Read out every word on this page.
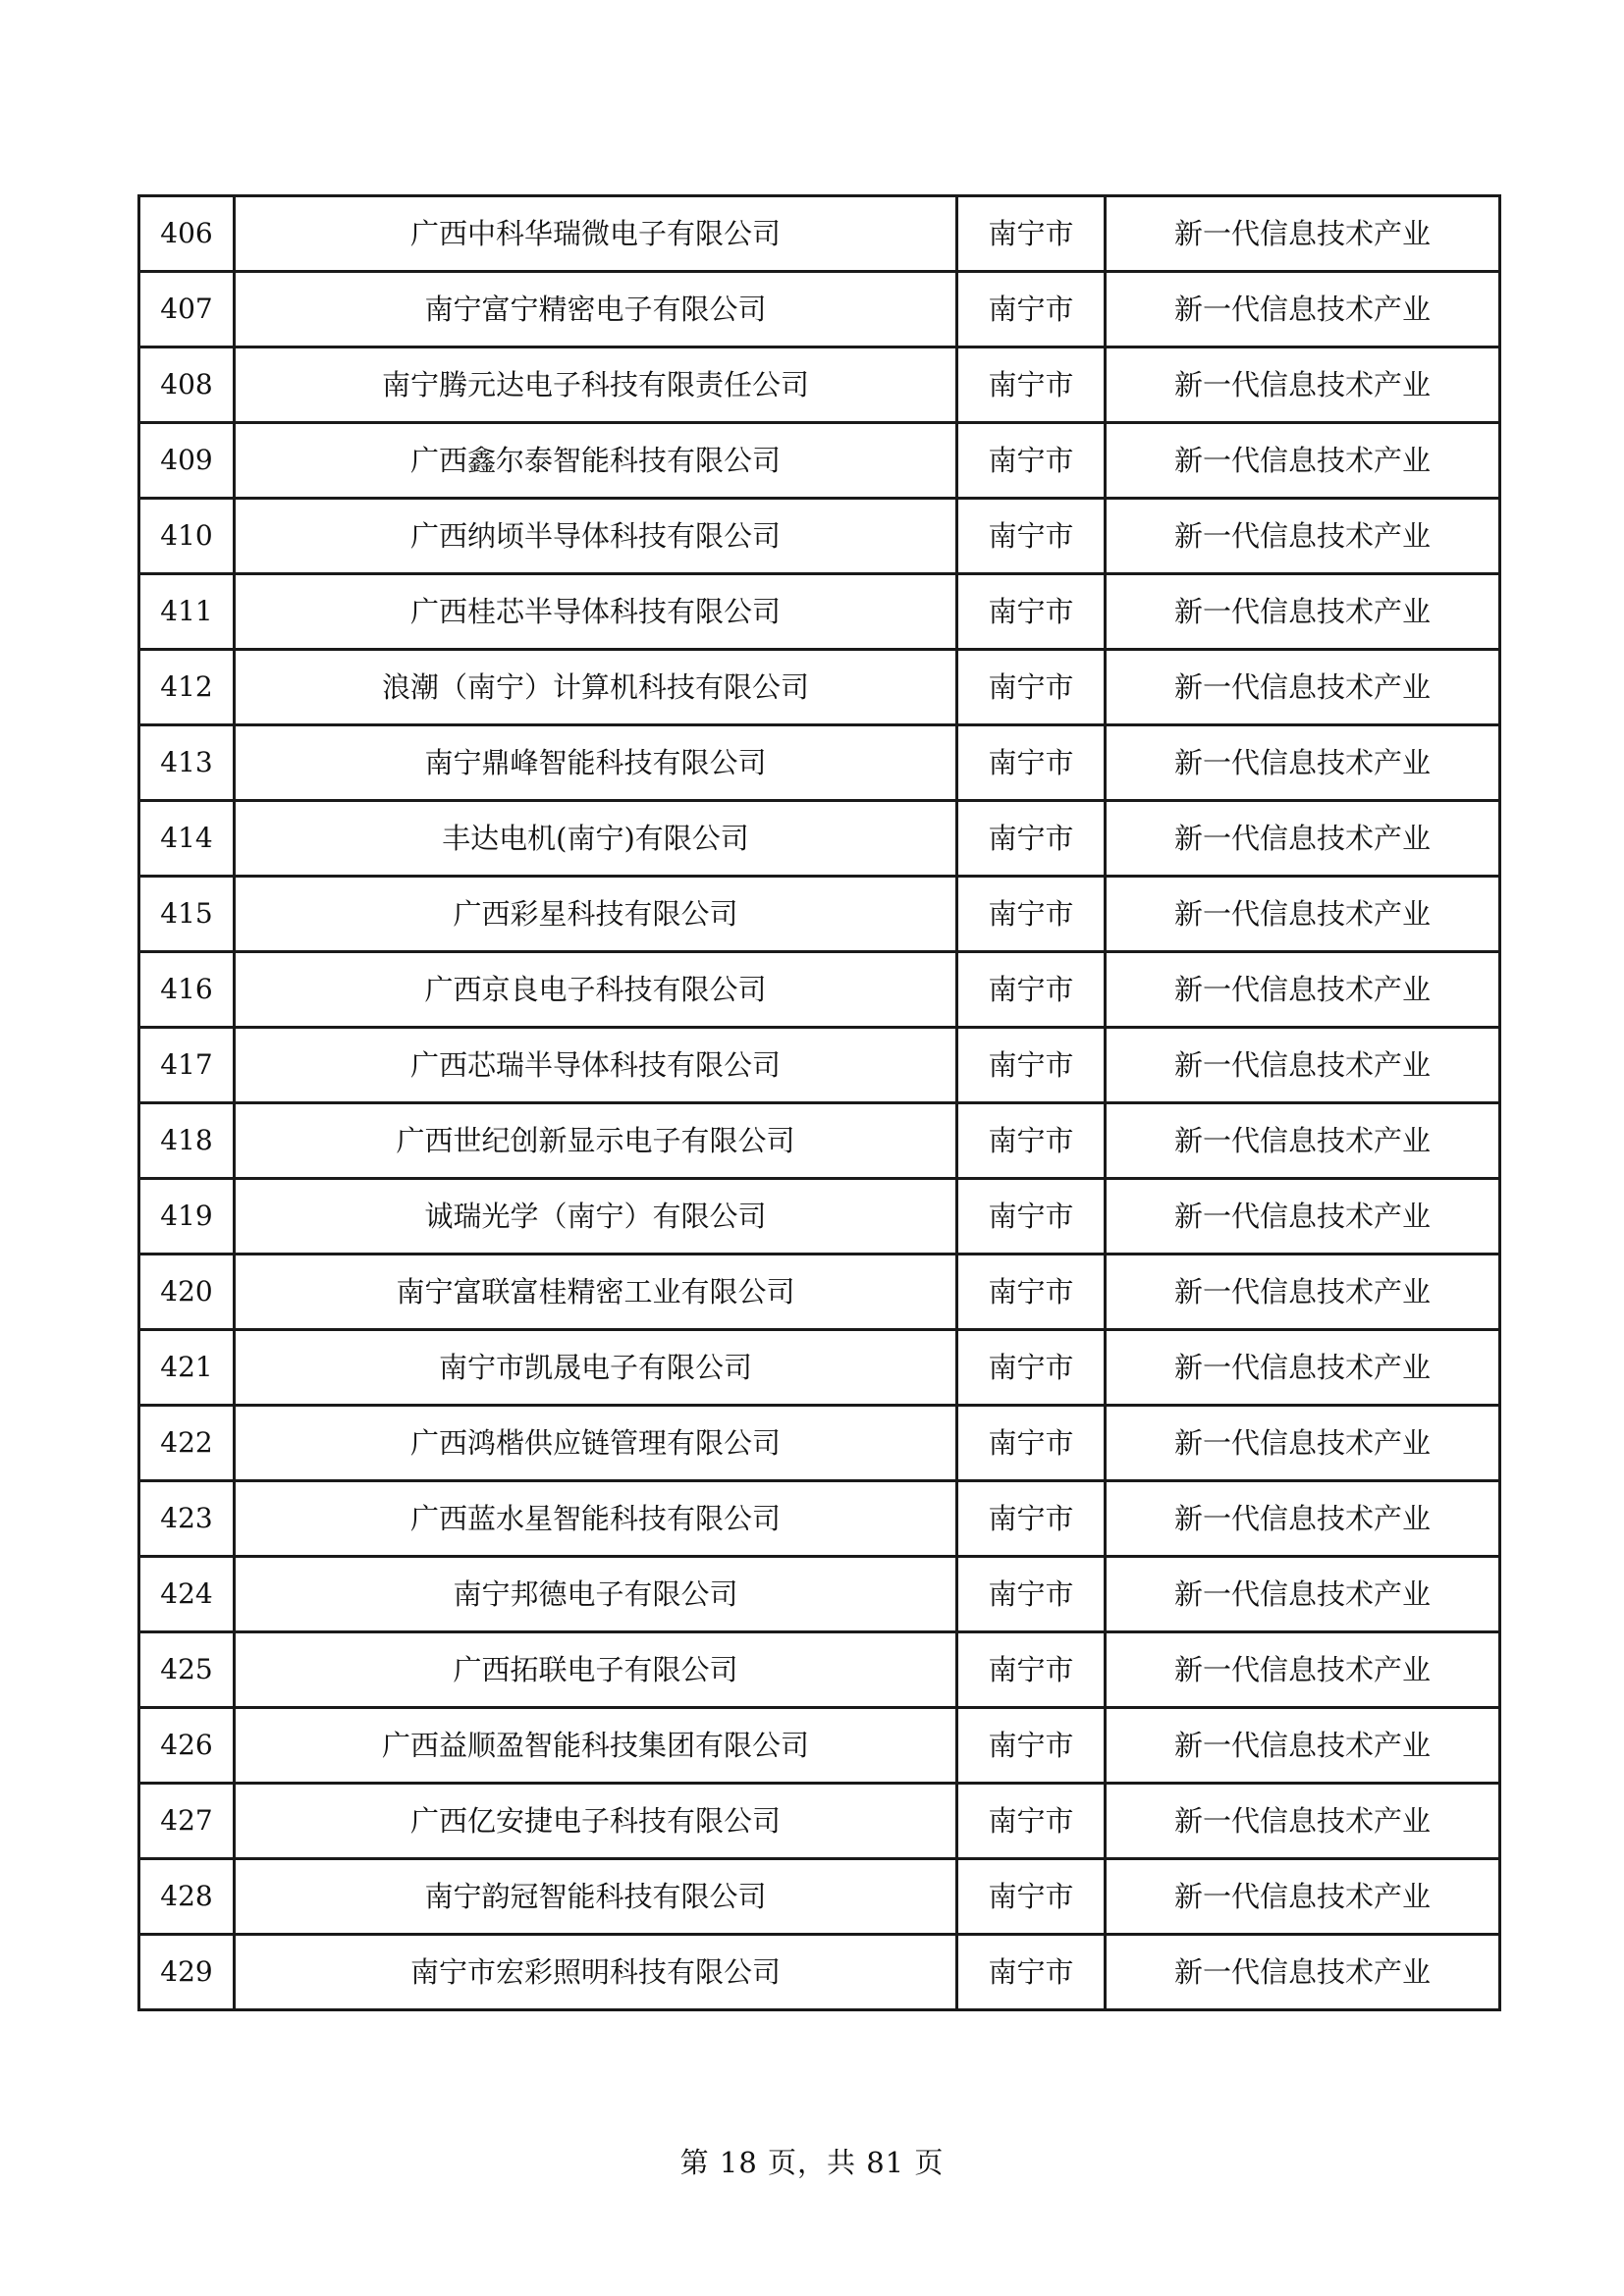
406	广西中科华瑞微电子有限公司	南宁市	新一代信息技术产业
407	南宁富宁精密电子有限公司	南宁市	新一代信息技术产业
408	南宁腾元达电子科技有限责任公司	南宁市	新一代信息技术产业
409	广西鑫尔泰智能科技有限公司	南宁市	新一代信息技术产业
410	广西纳顷半导体科技有限公司	南宁市	新一代信息技术产业
411	广西桂芯半导体科技有限公司	南宁市	新一代信息技术产业
412	浪潮（南宁）计算机科技有限公司	南宁市	新一代信息技术产业
413	南宁鼎峰智能科技有限公司	南宁市	新一代信息技术产业
414	丰达电机(南宁)有限公司	南宁市	新一代信息技术产业
415	广西彩星科技有限公司	南宁市	新一代信息技术产业
416	广西京良电子科技有限公司	南宁市	新一代信息技术产业
417	广西芯瑞半导体科技有限公司	南宁市	新一代信息技术产业
418	广西世纪创新显示电子有限公司	南宁市	新一代信息技术产业
419	诚瑞光学（南宁）有限公司	南宁市	新一代信息技术产业
420	南宁富联富桂精密工业有限公司	南宁市	新一代信息技术产业
421	南宁市凯晟电子有限公司	南宁市	新一代信息技术产业
422	广西鸿楷供应链管理有限公司	南宁市	新一代信息技术产业
423	广西蓝水星智能科技有限公司	南宁市	新一代信息技术产业
424	南宁邦德电子有限公司	南宁市	新一代信息技术产业
425	广西拓联电子有限公司	南宁市	新一代信息技术产业
426	广西益顺盈智能科技集团有限公司	南宁市	新一代信息技术产业
427	广西亿安捷电子科技有限公司	南宁市	新一代信息技术产业
428	南宁韵冠智能科技有限公司	南宁市	新一代信息技术产业
429	南宁市宏彩照明科技有限公司	南宁市	新一代信息技术产业
第 18 页，共 81 页
